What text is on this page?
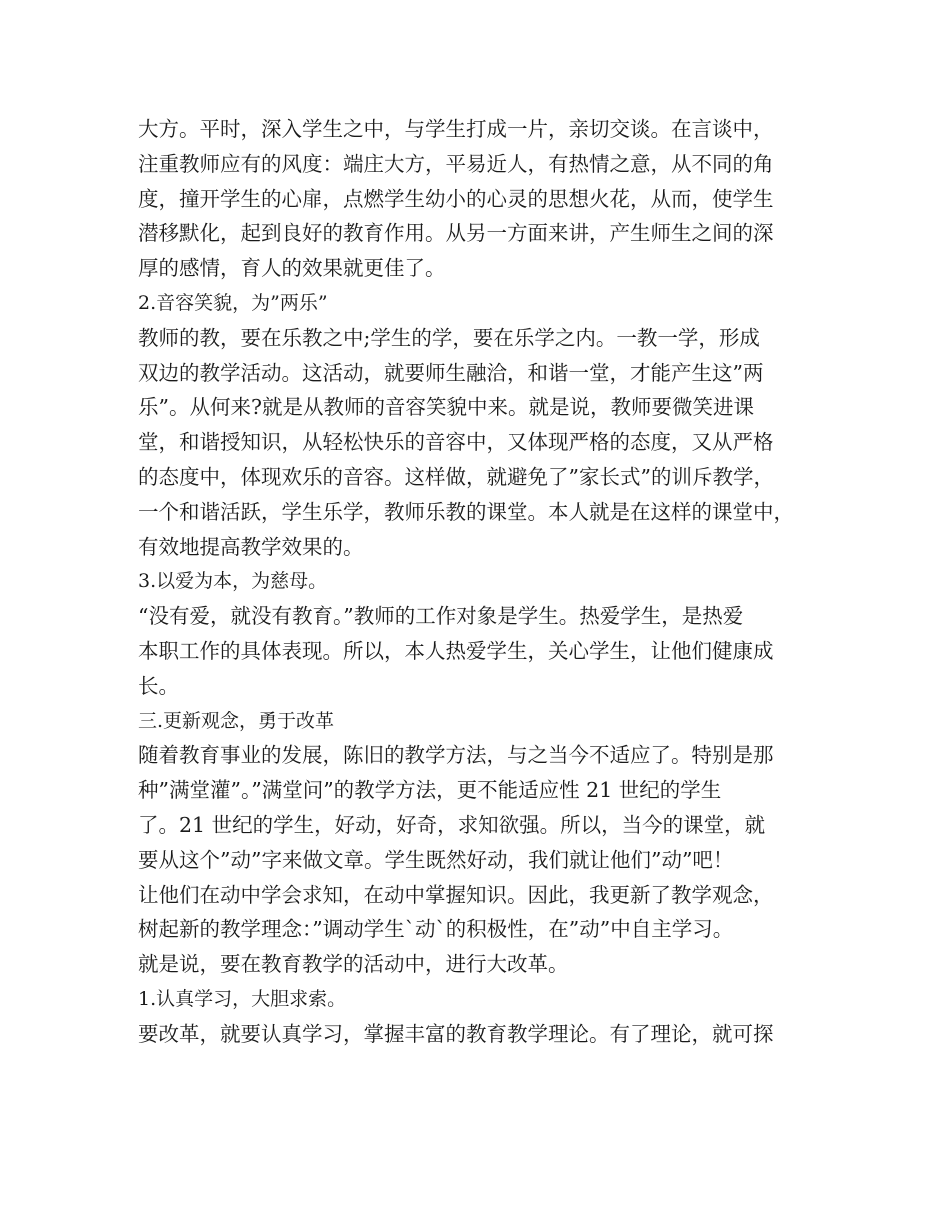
大方。平时，深入学生之中，与学生打成一片，亲切交谈。在言谈中，
注重教师应有的风度：端庄大方，平易近人，有热情之意，从不同的角
度，撞开学生的心扉，点燃学生幼小的心灵的思想火花，从而，使学生
潜移默化，起到良好的教育作用。从另一方面来讲，产生师生之间的深
厚的感情，育人的效果就更佳了。
2.音容笑貌，为”两乐”
教师的教，要在乐教之中;学生的学，要在乐学之内。一教一学，形成
双边的教学活动。这活动，就要师生融洽，和谐一堂，才能产生这”两
乐”。从何来?就是从教师的音容笑貌中来。就是说，教师要微笑进课
堂，和谐授知识，从轻松快乐的音容中，又体现严格的态度，又从严格
的态度中，体现欢乐的音容。这样做，就避免了”家长式”的训斥教学，
一个和谐活跃，学生乐学，教师乐教的课堂。本人就是在这样的课堂中，
有效地提高教学效果的。
3.以爱为本，为慈母。
“没有爱，就没有教育。”教师的工作对象是学生。热爱学生，是热爱
本职工作的具体表现。所以，本人热爱学生，关心学生，让他们健康成
长。
三.更新观念，勇于改革
随着教育事业的发展，陈旧的教学方法，与之当今不适应了。特别是那
种”满堂灌”。”满堂问”的教学方法，更不能适应性 21 世纪的学生
了。21 世纪的学生，好动，好奇，求知欲强。所以，当今的课堂，就
要从这个”动”字来做文章。学生既然好动，我们就让他们”动”吧！
让他们在动中学会求知，在动中掌握知识。因此，我更新了教学观念，
树起新的教学理念：”调动学生`动`的积极性，在”动”中自主学习。
就是说，要在教育教学的活动中，进行大改革。
1.认真学习，大胆求索。
要改革，就要认真学习，掌握丰富的教育教学理论。有了理论，就可探
